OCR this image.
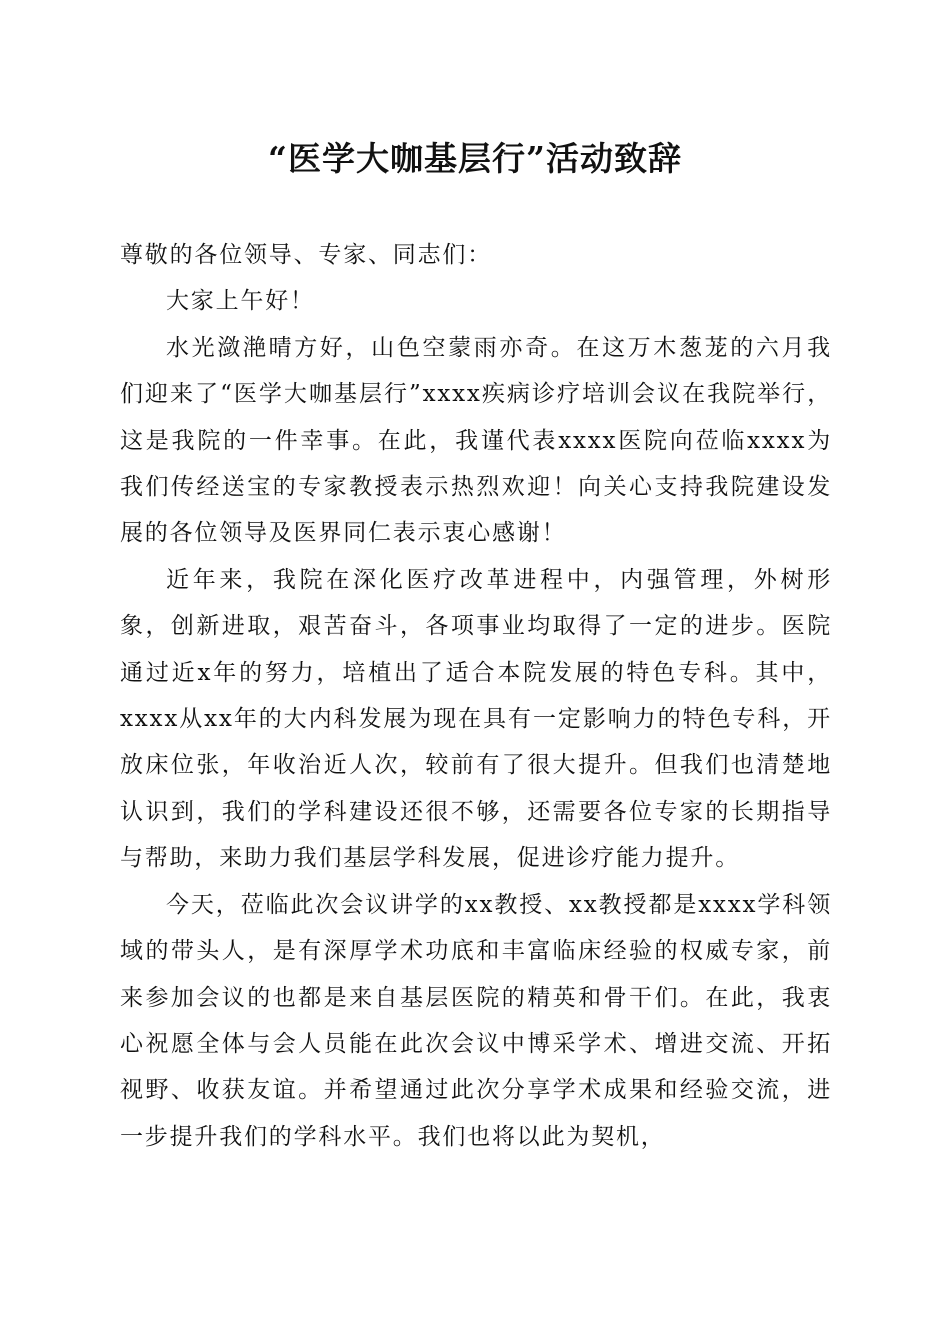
“医学大咖基层行”活动致辞

尊敬的各位领导、专家、同志们：

大家上午好！

水光潋滟晴方好，山色空蒙雨亦奇。在这万木葱茏的六月我们迎来了“医学大咖基层行”xxxx疾病诊疗培训会议在我院举行，这是我院的一件幸事。在此，我谨代表xxxx医院向莅临xxxx为我们传经送宝的专家教授表示热烈欢迎！向关心支持我院建设发展的各位领导及医界同仁表示衷心感谢！

近年来，我院在深化医疗改革进程中，内强管理，外树形象，创新进取，艰苦奋斗，各项事业均取得了一定的进步。医院通过近x年的努力，培植出了适合本院发展的特色专科。其中，xxxx从xx年的大内科发展为现在具有一定影响力的特色专科，开放床位张，年收治近人次，较前有了很大提升。但我们也清楚地认识到，我们的学科建设还很不够，还需要各位专家的长期指导与帮助，来助力我们基层学科发展，促进诊疗能力提升。

今天，莅临此次会议讲学的xx教授、xx教授都是xxxx学科领域的带头人，是有深厚学术功底和丰富临床经验的权威专家，前来参加会议的也都是来自基层医院的精英和骨干们。在此，我衷心祝愿全体与会人员能在此次会议中博采学术、增进交流、开拓视野、收获友谊。并希望通过此次分享学术成果和经验交流，进一步提升我们的学科水平。我们也将以此为契机，
